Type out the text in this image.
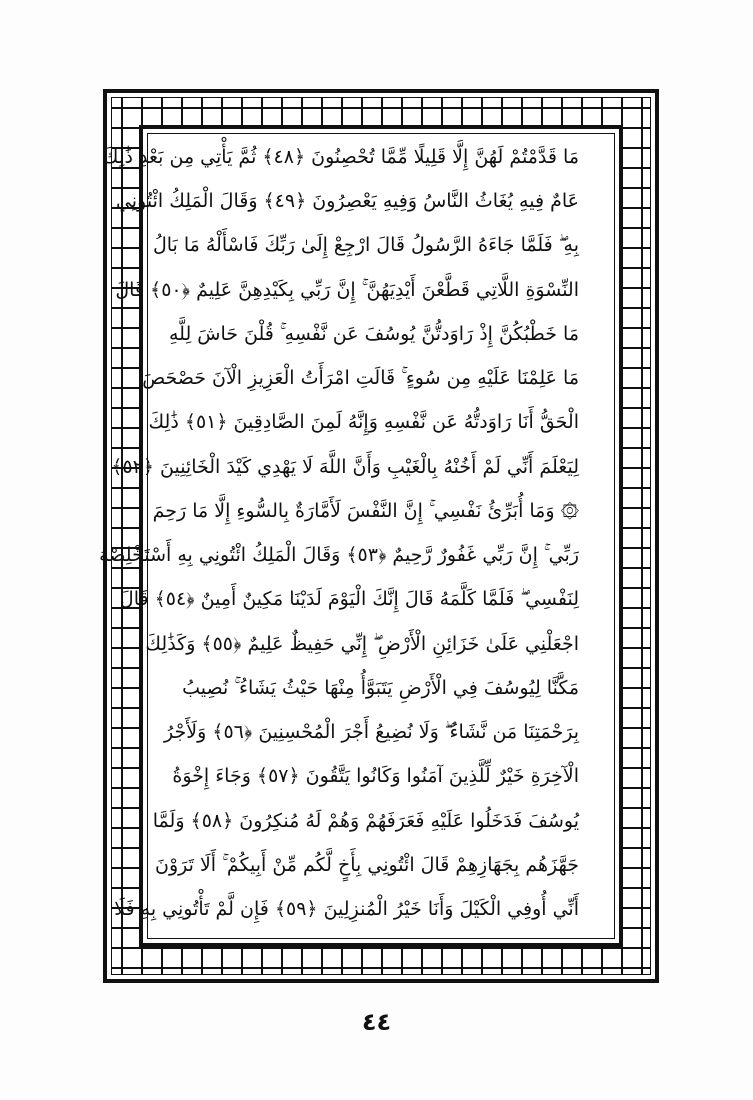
مَا قَدَّمْتُمْ لَهُنَّ إِلَّا قَلِيلًا مِّمَّا تُحْصِنُونَ ﴿٤٨﴾ ثُمَّ يَأْتِي مِن بَعْدِ ذَٰلِكَ
عَامٌ فِيهِ يُغَاثُ النَّاسُ وَفِيهِ يَعْصِرُونَ ﴿٤٩﴾ وَقَالَ الْمَلِكُ ائْتُونِي
بِهِ ۖ فَلَمَّا جَاءَهُ الرَّسُولُ قَالَ ارْجِعْ إِلَىٰ رَبِّكَ فَاسْأَلْهُ مَا بَالُ
النِّسْوَةِ اللَّاتِي قَطَّعْنَ أَيْدِيَهُنَّ ۚ إِنَّ رَبِّي بِكَيْدِهِنَّ عَلِيمٌ ﴿٥٠﴾ قَالَ
مَا خَطْبُكُنَّ إِذْ رَاوَدتُّنَّ يُوسُفَ عَن نَّفْسِهِ ۚ قُلْنَ حَاشَ لِلَّهِ
مَا عَلِمْنَا عَلَيْهِ مِن سُوءٍ ۚ قَالَتِ امْرَأَتُ الْعَزِيزِ الْآنَ حَصْحَصَ
الْحَقُّ أَنَا رَاوَدتُّهُ عَن نَّفْسِهِ وَإِنَّهُ لَمِنَ الصَّادِقِينَ ﴿٥١﴾ ذَٰلِكَ
لِيَعْلَمَ أَنِّي لَمْ أَخُنْهُ بِالْغَيْبِ وَأَنَّ اللَّهَ لَا يَهْدِي كَيْدَ الْخَائِنِينَ ﴿٥٢﴾
۞ وَمَا أُبَرِّئُ نَفْسِي ۚ إِنَّ النَّفْسَ لَأَمَّارَةٌ بِالسُّوءِ إِلَّا مَا رَحِمَ
رَبِّي ۚ إِنَّ رَبِّي غَفُورٌ رَّحِيمٌ ﴿٥٣﴾ وَقَالَ الْمَلِكُ ائْتُونِي بِهِ أَسْتَخْلِصْهُ
لِنَفْسِي ۖ فَلَمَّا كَلَّمَهُ قَالَ إِنَّكَ الْيَوْمَ لَدَيْنَا مَكِينٌ أَمِينٌ ﴿٥٤﴾ قَالَ
اجْعَلْنِي عَلَىٰ خَزَائِنِ الْأَرْضِ ۖ إِنِّي حَفِيظٌ عَلِيمٌ ﴿٥٥﴾ وَكَذَٰلِكَ
مَكَّنَّا لِيُوسُفَ فِي الْأَرْضِ يَتَبَوَّأُ مِنْهَا حَيْثُ يَشَاءُ ۚ نُصِيبُ
بِرَحْمَتِنَا مَن نَّشَاءُ ۖ وَلَا نُضِيعُ أَجْرَ الْمُحْسِنِينَ ﴿٥٦﴾ وَلَأَجْرُ
الْآخِرَةِ خَيْرٌ لِّلَّذِينَ آمَنُوا وَكَانُوا يَتَّقُونَ ﴿٥٧﴾ وَجَاءَ إِخْوَةُ
يُوسُفَ فَدَخَلُوا عَلَيْهِ فَعَرَفَهُمْ وَهُمْ لَهُ مُنكِرُونَ ﴿٥٨﴾ وَلَمَّا
جَهَّزَهُم بِجَهَازِهِمْ قَالَ ائْتُونِي بِأَخٍ لَّكُم مِّنْ أَبِيكُمْ ۚ أَلَا تَرَوْنَ
أَنِّي أُوفِي الْكَيْلَ وَأَنَا خَيْرُ الْمُنزِلِينَ ﴿٥٩﴾ فَإِن لَّمْ تَأْتُونِي بِهِ فَلَا
٤٤
